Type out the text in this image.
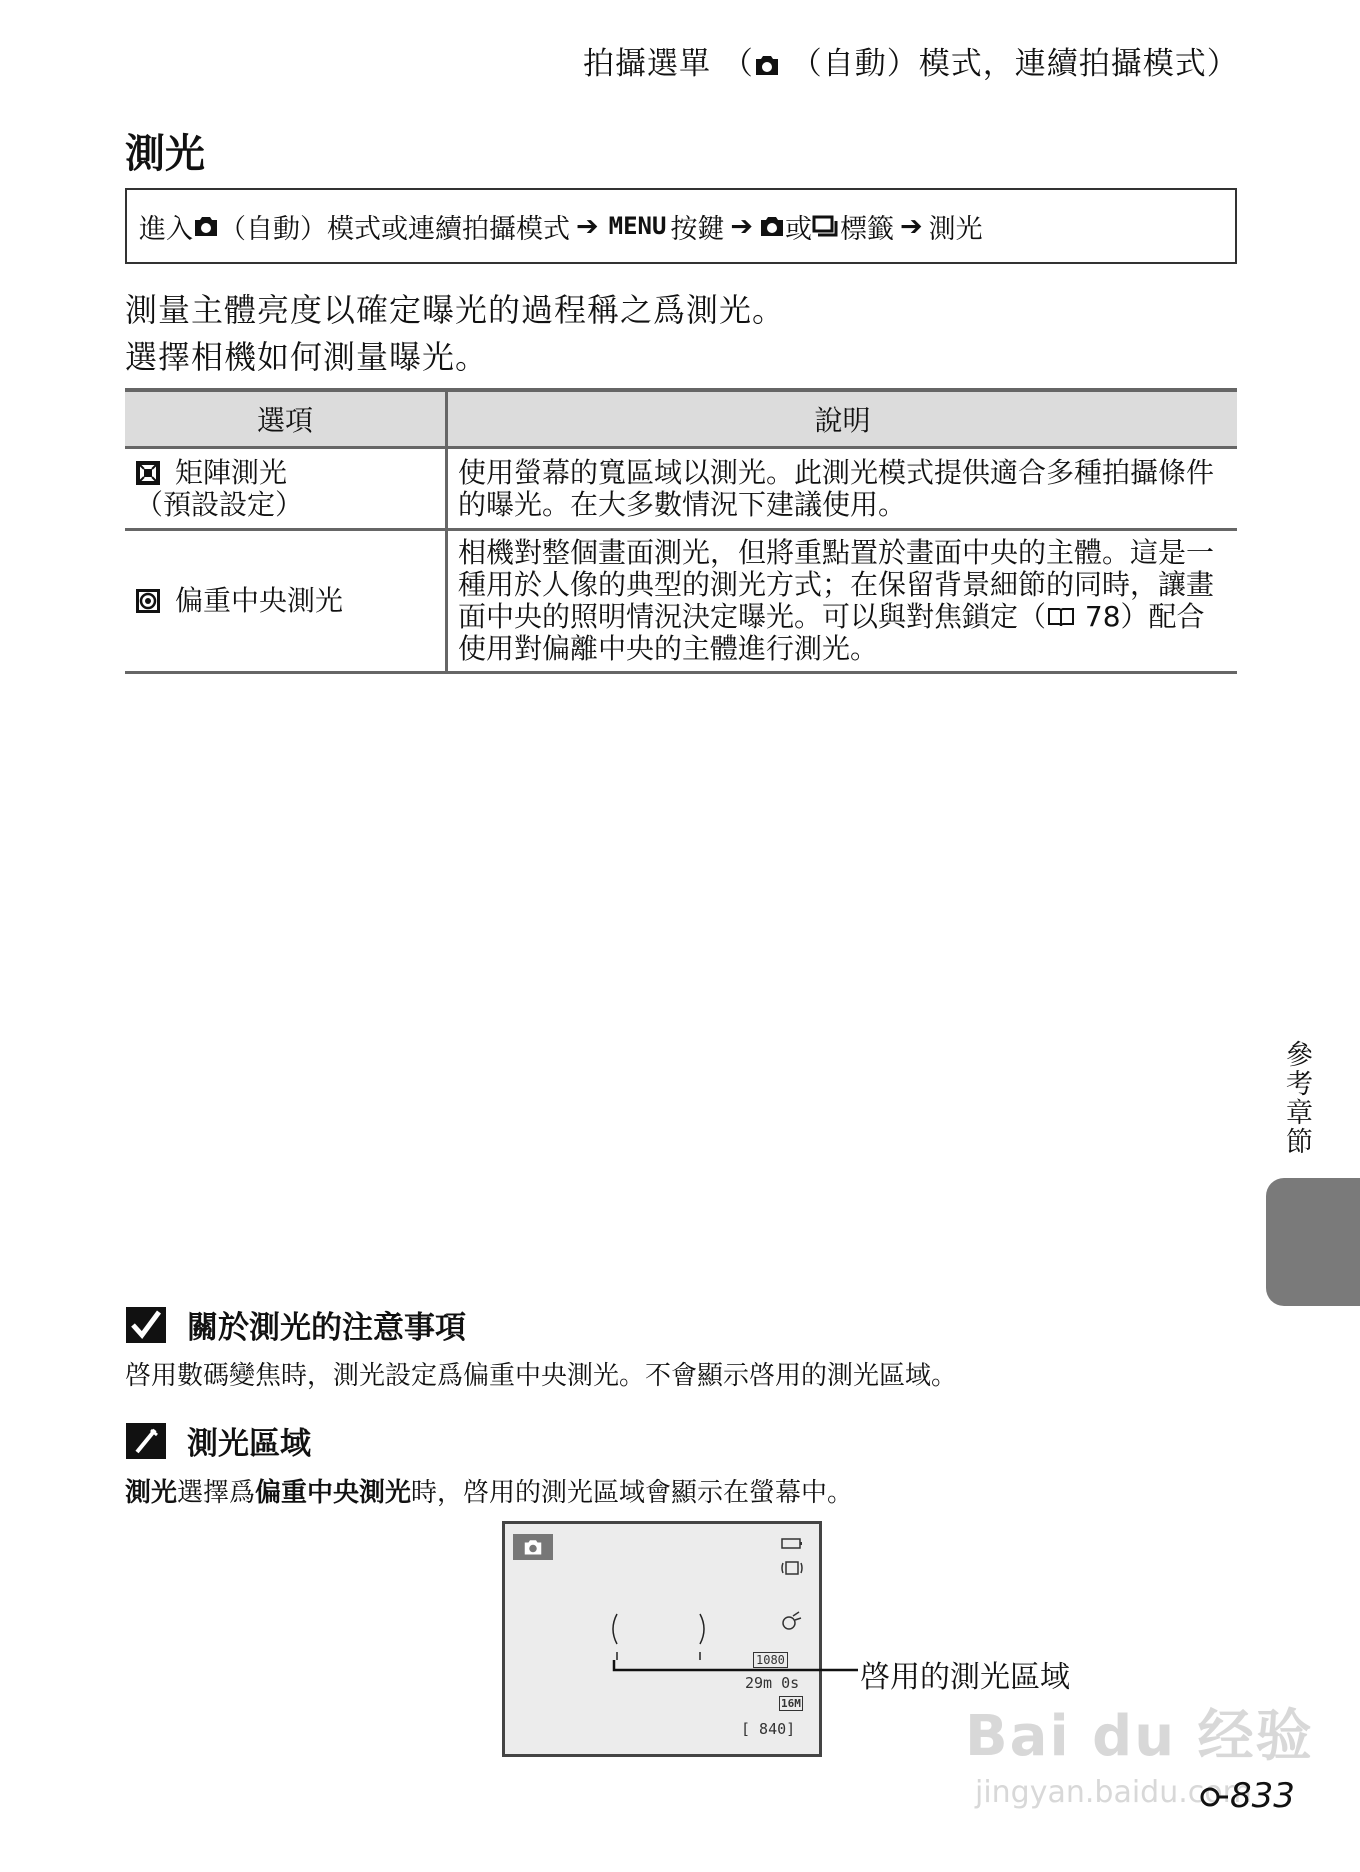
拍攝選單 （ （自動）模式，連續拍攝模式）
測光
進入 （自動）模式或連續拍攝模式 ➔ MENU 按鍵 ➔ 或 標籤 ➔ 測光
測量主體亮度以確定曝光的過程稱之爲測光。
選擇相機如何測量曝光。
選項	說明

矩陣測光
（預設設定）	使用螢幕的寬區域以測光。此測光模式提供適合多種拍攝條件的曝光。在大多數情況下建議使用。
偏重中央測光	相機對整個畫面測光，但將重點置於畫面中央的主體。這是一種用於人像的典型的測光方式；在保留背景細節的同時，讓畫面中央的照明情況決定曝光。可以與對焦鎖定（ 78）配合使用對偏離中央的主體進行測光。
參考章節
關於測光的注意事項
啓用數碼變焦時，測光設定爲偏重中央測光。不會顯示啓用的測光區域。
測光區域
測光選擇爲偏重中央測光時，啓用的測光區域會顯示在螢幕中。
1080
29m 0s
16M
[ 840]
啓用的測光區域
Bai du 经验
jingyan.baidu.com
833
